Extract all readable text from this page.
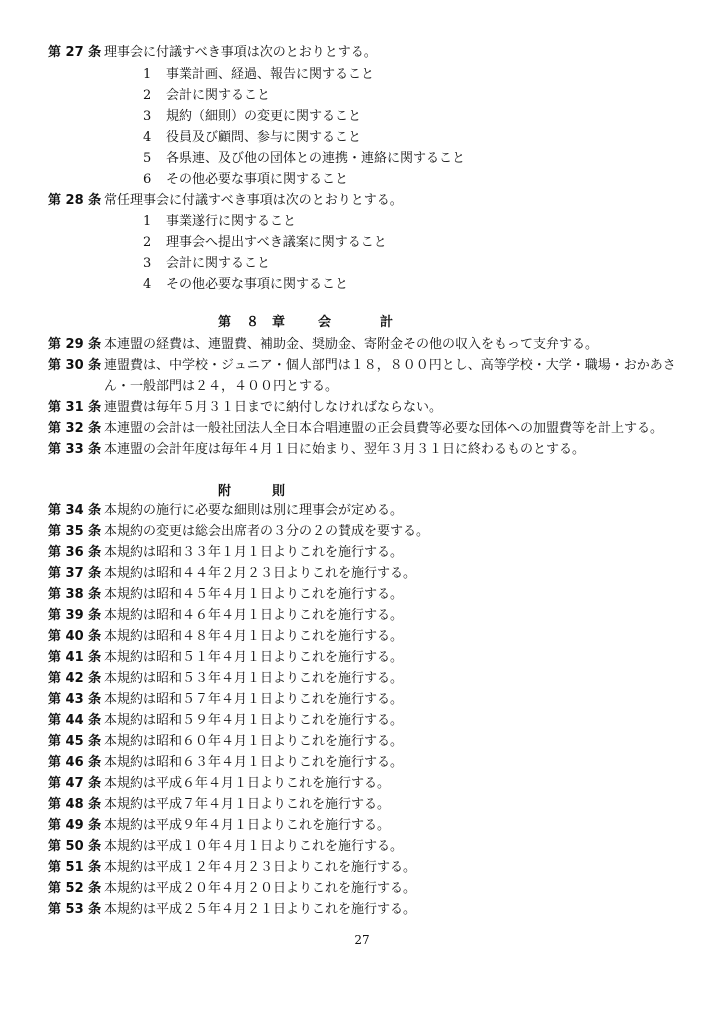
第 27 条 理事会に付議すべき事項は次のとおりとする。
1 事業計画、経過、報告に関すること
2 会計に関すること
3 規約（細則）の変更に関すること
4 役員及び顧問、参与に関すること
5 各県連、及び他の団体との連携・連絡に関すること
6 その他必要な事項に関すること
第 28 条 常任理事会に付議すべき事項は次のとおりとする。
1 事業遂行に関すること
2 理事会へ提出すべき議案に関すること
3 会計に関すること
4 その他必要な事項に関すること
第 ８ 章	会	計
第 29 条 本連盟の経費は、連盟費、補助金、奨励金、寄附金その他の収入をもって支弁する。
第 30 条 連盟費は、中学校・ジュニア・個人部門は１８，８００円とし、高等学校・大学・職場・おかあさ
ん・一般部門は２４，４００円とする。
第 31 条 連盟費は毎年５月３１日までに納付しなければならない。
第 32 条 本連盟の会計は一般社団法人全日本合唱連盟の正会員費等必要な団体への加盟費等を計上する。
第 33 条 本連盟の会計年度は毎年４月１日に始まり、翌年３月３１日に終わるものとする。
附	則
第 34 条 本規約の施行に必要な細則は別に理事会が定める。
第 35 条 本規約の変更は総会出席者の３分の２の賛成を要する。
第 36 条 本規約は昭和３３年１月１日よりこれを施行する。
第 37 条 本規約は昭和４４年２月２３日よりこれを施行する。
第 38 条 本規約は昭和４５年４月１日よりこれを施行する。
第 39 条 本規約は昭和４６年４月１日よりこれを施行する。
第 40 条 本規約は昭和４８年４月１日よりこれを施行する。
第 41 条 本規約は昭和５１年４月１日よりこれを施行する。
第 42 条 本規約は昭和５３年４月１日よりこれを施行する。
第 43 条 本規約は昭和５７年４月１日よりこれを施行する。
第 44 条 本規約は昭和５９年４月１日よりこれを施行する。
第 45 条 本規約は昭和６０年４月１日よりこれを施行する。
第 46 条 本規約は昭和６３年４月１日よりこれを施行する。
第 47 条 本規約は平成６年４月１日よりこれを施行する。
第 48 条 本規約は平成７年４月１日よりこれを施行する。
第 49 条 本規約は平成９年４月１日よりこれを施行する。
第 50 条 本規約は平成１０年４月１日よりこれを施行する。
第 51 条 本規約は平成１２年４月２３日よりこれを施行する。
第 52 条 本規約は平成２０年４月２０日よりこれを施行する。
第 53 条 本規約は平成２５年４月２１日よりこれを施行する。
27
